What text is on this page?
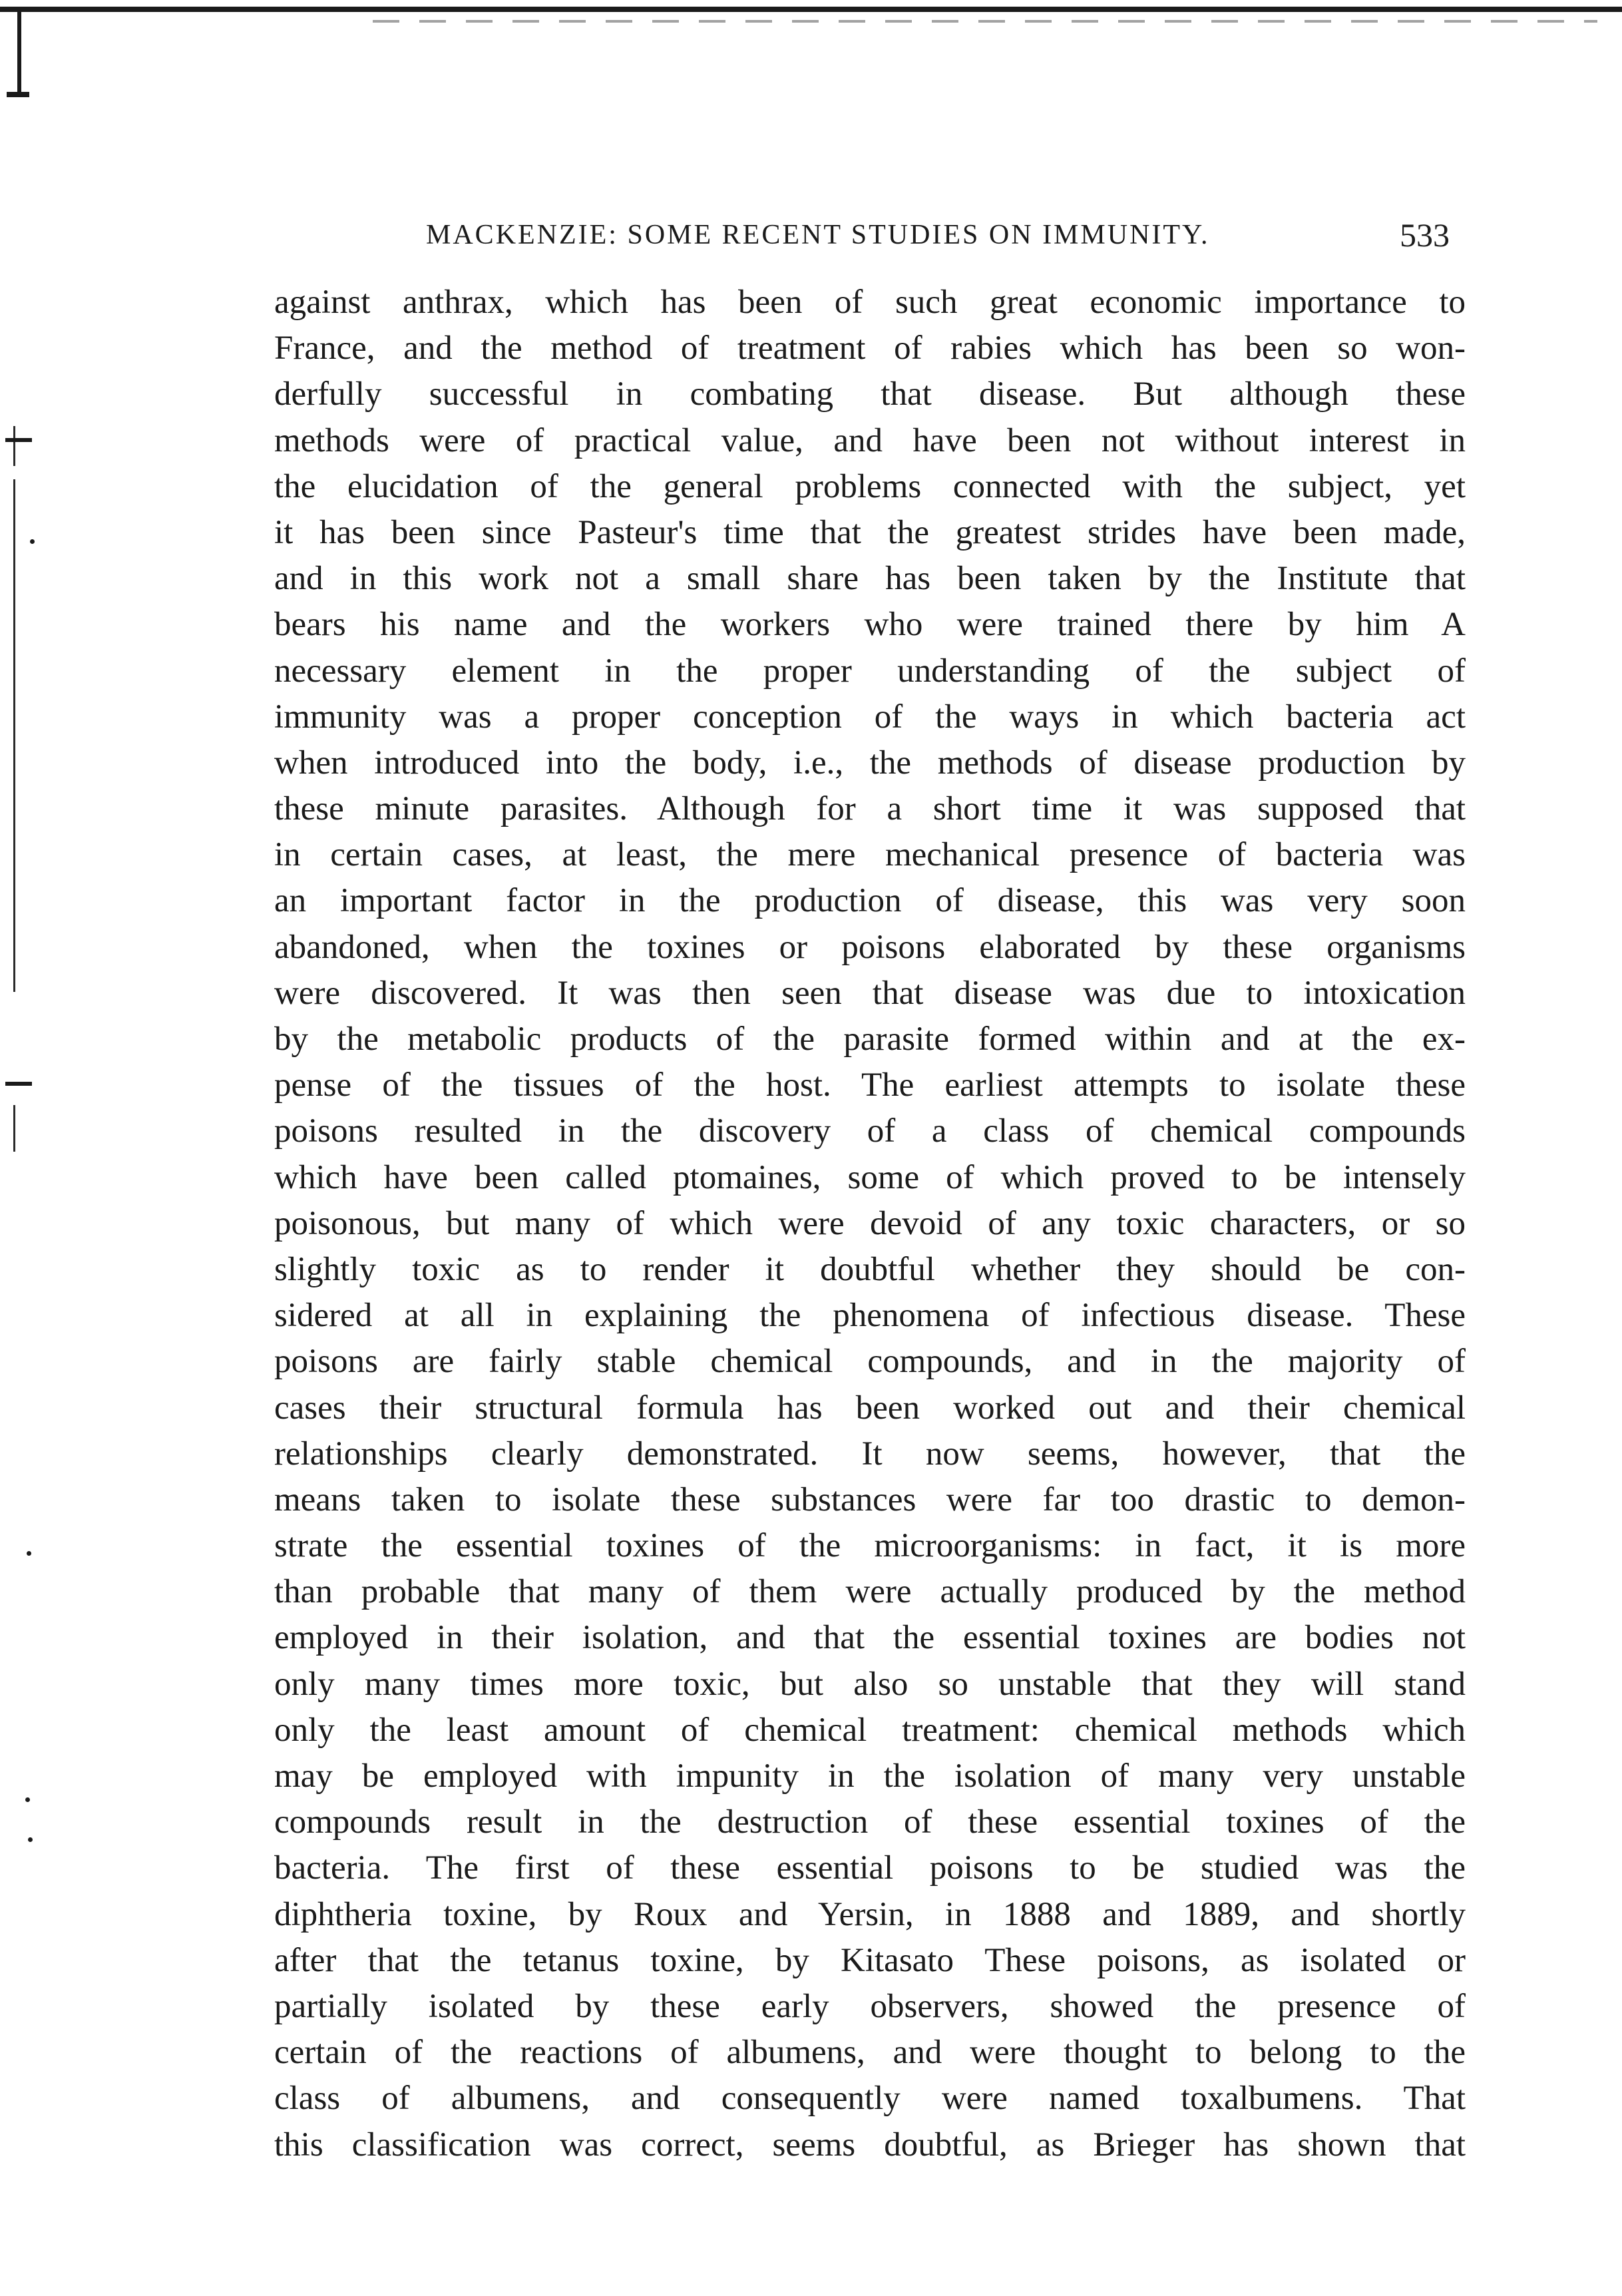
MACKENZIE: SOME RECENT STUDIES ON IMMUNITY.	533
against anthrax, which has been of such great economic importance to
France, and the method of treatment of rabies which has been so won-
derfully successful in combating that disease. But although these
methods were of practical value, and have been not without interest in
the elucidation of the general problems connected with the subject, yet
it has been since Pasteur's time that the greatest strides have been made,
and in this work not a small share has been taken by the Institute that
bears his name and the workers who were trained there by him A
necessary element in the proper understanding of the subject of
immunity was a proper conception of the ways in which bacteria act
when introduced into the body, i.e., the methods of disease production by
these minute parasites. Although for a short time it was supposed that
in certain cases, at least, the mere mechanical presence of bacteria was
an important factor in the production of disease, this was very soon
abandoned, when the toxines or poisons elaborated by these organisms
were discovered. It was then seen that disease was due to intoxication
by the metabolic products of the parasite formed within and at the ex-
pense of the tissues of the host. The earliest attempts to isolate these
poisons resulted in the discovery of a class of chemical compounds
which have been called ptomaines, some of which proved to be intensely
poisonous, but many of which were devoid of any toxic characters, or so
slightly toxic as to render it doubtful whether they should be con-
sidered at all in explaining the phenomena of infectious disease. These
poisons are fairly stable chemical compounds, and in the majority of
cases their structural formula has been worked out and their chemical
relationships clearly demonstrated. It now seems, however, that the
means taken to isolate these substances were far too drastic to demon-
strate the essential toxines of the microorganisms: in fact, it is more
than probable that many of them were actually produced by the method
employed in their isolation, and that the essential toxines are bodies not
only many times more toxic, but also so unstable that they will stand
only the least amount of chemical treatment: chemical methods which
may be employed with impunity in the isolation of many very unstable
compounds result in the destruction of these essential toxines of the
bacteria. The first of these essential poisons to be studied was the
diphtheria toxine, by Roux and Yersin, in 1888 and 1889, and shortly
after that the tetanus toxine, by Kitasato These poisons, as isolated or
partially isolated by these early observers, showed the presence of
certain of the reactions of albumens, and were thought to belong to the
class of albumens, and consequently were named toxalbumens. That
this classification was correct, seems doubtful, as Brieger has shown that
